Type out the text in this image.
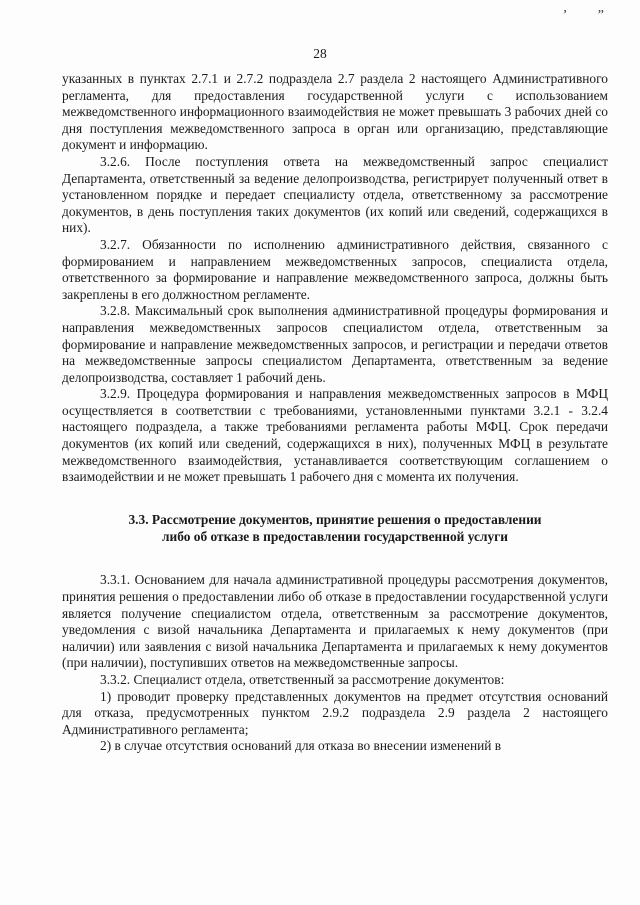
’ ”
28

указанных в пунктах 2.7.1 и 2.7.2 подраздела 2.7 раздела 2 настоящего Административного регламента, для предоставления государственной услуги с использованием межведомственного информационного взаимодействия не может превышать 3 рабочих дней со дня поступления межведомственного запроса в орган или организацию, представляющие документ и информацию.

3.2.6. После поступления ответа на межведомственный запрос специалист Департамента, ответственный за ведение делопроизводства, регистрирует полученный ответ в установленном порядке и передает специалисту отдела, ответственному за рассмотрение документов, в день поступления таких документов (их копий или сведений, содержащихся в них).

3.2.7. Обязанности по исполнению административного действия, связанного с формированием и направлением межведомственных запросов, специалиста отдела, ответственного за формирование и направление межведомственного запроса, должны быть закреплены в его должностном регламенте.

3.2.8. Максимальный срок выполнения административной процедуры формирования и направления межведомственных запросов специалистом отдела, ответственным за формирование и направление межведомственных запросов, и регистрации и передачи ответов на межведомственные запросы специалистом Департамента, ответственным за ведение делопроизводства, составляет 1 рабочий день.

3.2.9. Процедура формирования и направления межведомственных запросов в МФЦ осуществляется в соответствии с требованиями, установленными пунктами 3.2.1 - 3.2.4 настоящего подраздела, а также требованиями регламента работы МФЦ. Срок передачи документов (их копий или сведений, содержащихся в них), полученных МФЦ в результате межведомственного взаимодействия, устанавливается соответствующим соглашением о взаимодействии и не может превышать 1 рабочего дня с момента их получения.

3.3. Рассмотрение документов, принятие решения о предоставлении либо об отказе в предоставлении государственной услуги

3.3.1. Основанием для начала административной процедуры рассмотрения документов, принятия решения о предоставлении либо об отказе в предоставлении государственной услуги является получение специалистом отдела, ответственным за рассмотрение документов, уведомления с визой начальника Департамента и прилагаемых к нему документов (при наличии) или заявления с визой начальника Департамента и прилагаемых к нему документов (при наличии), поступивших ответов на межведомственные запросы.

3.3.2. Специалист отдела, ответственный за рассмотрение документов:

1) проводит проверку представленных документов на предмет отсутствия оснований для отказа, предусмотренных пунктом 2.9.2 подраздела 2.9 раздела 2 настоящего Административного регламента;

2) в случае отсутствия оснований для отказа во внесении изменений в
